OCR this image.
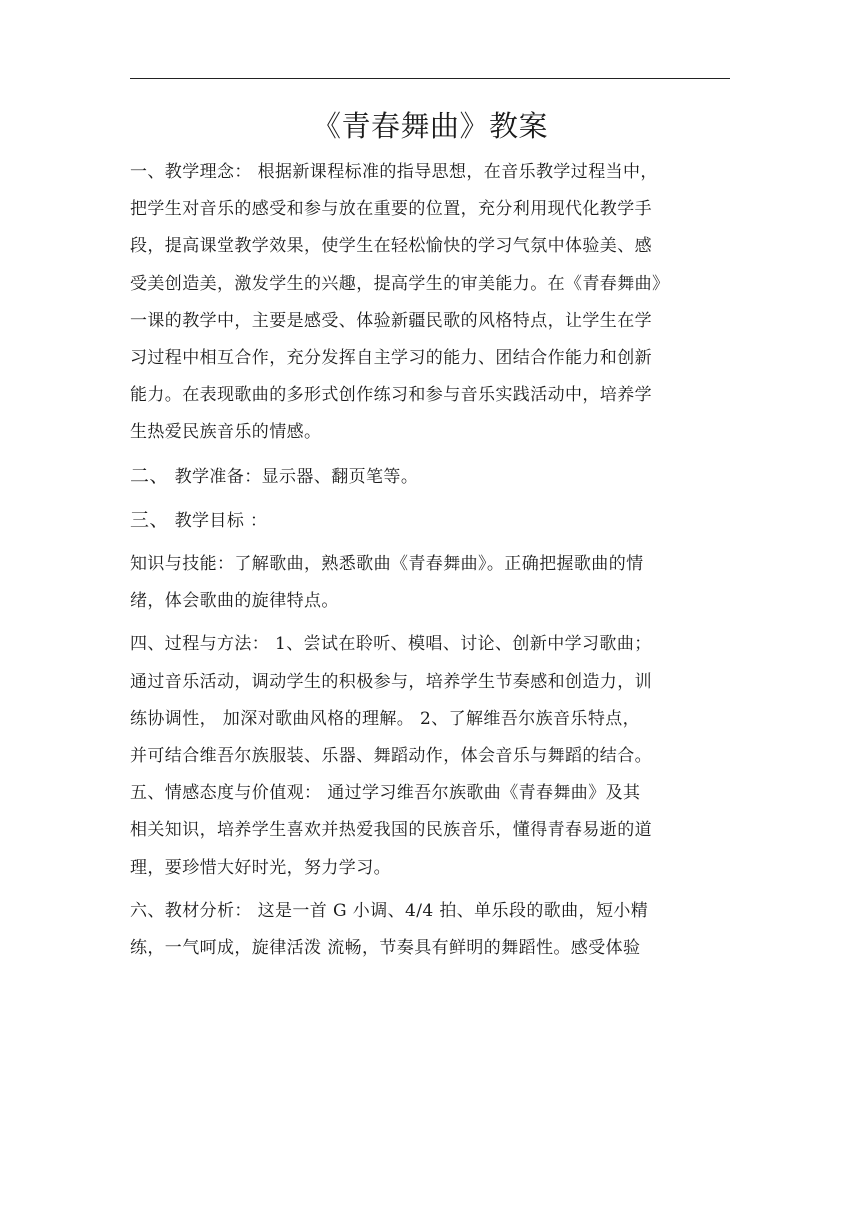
《青春舞曲》教案

一、教学理念： 根据新课程标准的指导思想，在音乐教学过程当中，
把学生对音乐的感受和参与放在重要的位置，充分利用现代化教学手
段，提高课堂教学效果，使学生在轻松愉快的学习气氛中体验美、感
受美创造美，激发学生的兴趣，提高学生的审美能力。在《青春舞曲》
一课的教学中，主要是感受、体验新疆民歌的风格特点，让学生在学
习过程中相互合作，充分发挥自主学习的能力、团结合作能力和创新
能力。在表现歌曲的多形式创作练习和参与音乐实践活动中，培养学
生热爱民族音乐的情感。

二、 教学准备：显示器、翻页笔等。

三、 教学目标 ：

知识与技能：了解歌曲，熟悉歌曲《青春舞曲》。正确把握歌曲的情
绪，体会歌曲的旋律特点。

四、过程与方法： 1、尝试在聆听、模唱、讨论、创新中学习歌曲；
通过音乐活动，调动学生的积极参与，培养学生节奏感和创造力，训
练协调性， 加深对歌曲风格的理解。 2、了解维吾尔族音乐特点，
并可结合维吾尔族服装、乐器、舞蹈动作，体会音乐与舞蹈的结合。

五、情感态度与价值观： 通过学习维吾尔族歌曲《青春舞曲》及其
相关知识，培养学生喜欢并热爱我国的民族音乐，懂得青春易逝的道
理，要珍惜大好时光，努力学习。

六、教材分析： 这是一首 G 小调、4/4 拍、单乐段的歌曲，短小精
练，一气呵成，旋律活泼 流畅，节奏具有鲜明的舞蹈性。感受体验
